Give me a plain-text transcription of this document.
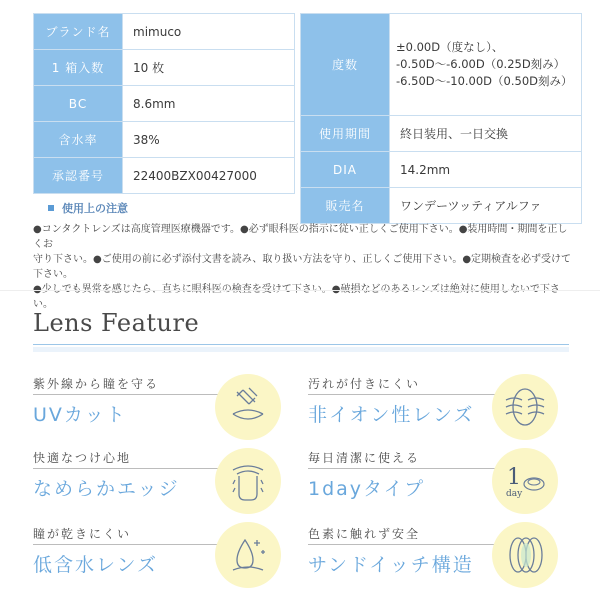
ブランド名	mimuco
1 箱入数	10 枚
BC	8.6mm
含水率	38%
承認番号	22400BZX00427000
度数	±0.00D（度なし）、
-0.50D〜-6.00D（0.25D刻み）
-6.50D〜-10.00D（0.50D刻み）

使用期間	終日装用、一日交換
DIA	14.2mm
販売名	ワンデーツッティアルファ
使用上の注意
●コンタクトレンズは高度管理医療機器です。●必ず眼科医の指示に従い正しくご使用下さい。●装用時間・期間を正しくお
守り下さい。●ご使用の前に必ず添付文書を読み、取り扱い方法を守り、正しくご使用下さい。●定期検査を必ず受けて下さい。
い。
Lens Feature
紫外線から瞳を守る
UVカット
汚れが付きにくい
非イオン性レンズ
快適なつけ心地
なめらかエッジ
毎日清潔に使える
1dayタイプ	1
day
瞳が乾きにくい
低含水レンズ
色素に触れず安全
サンドイッチ構造
